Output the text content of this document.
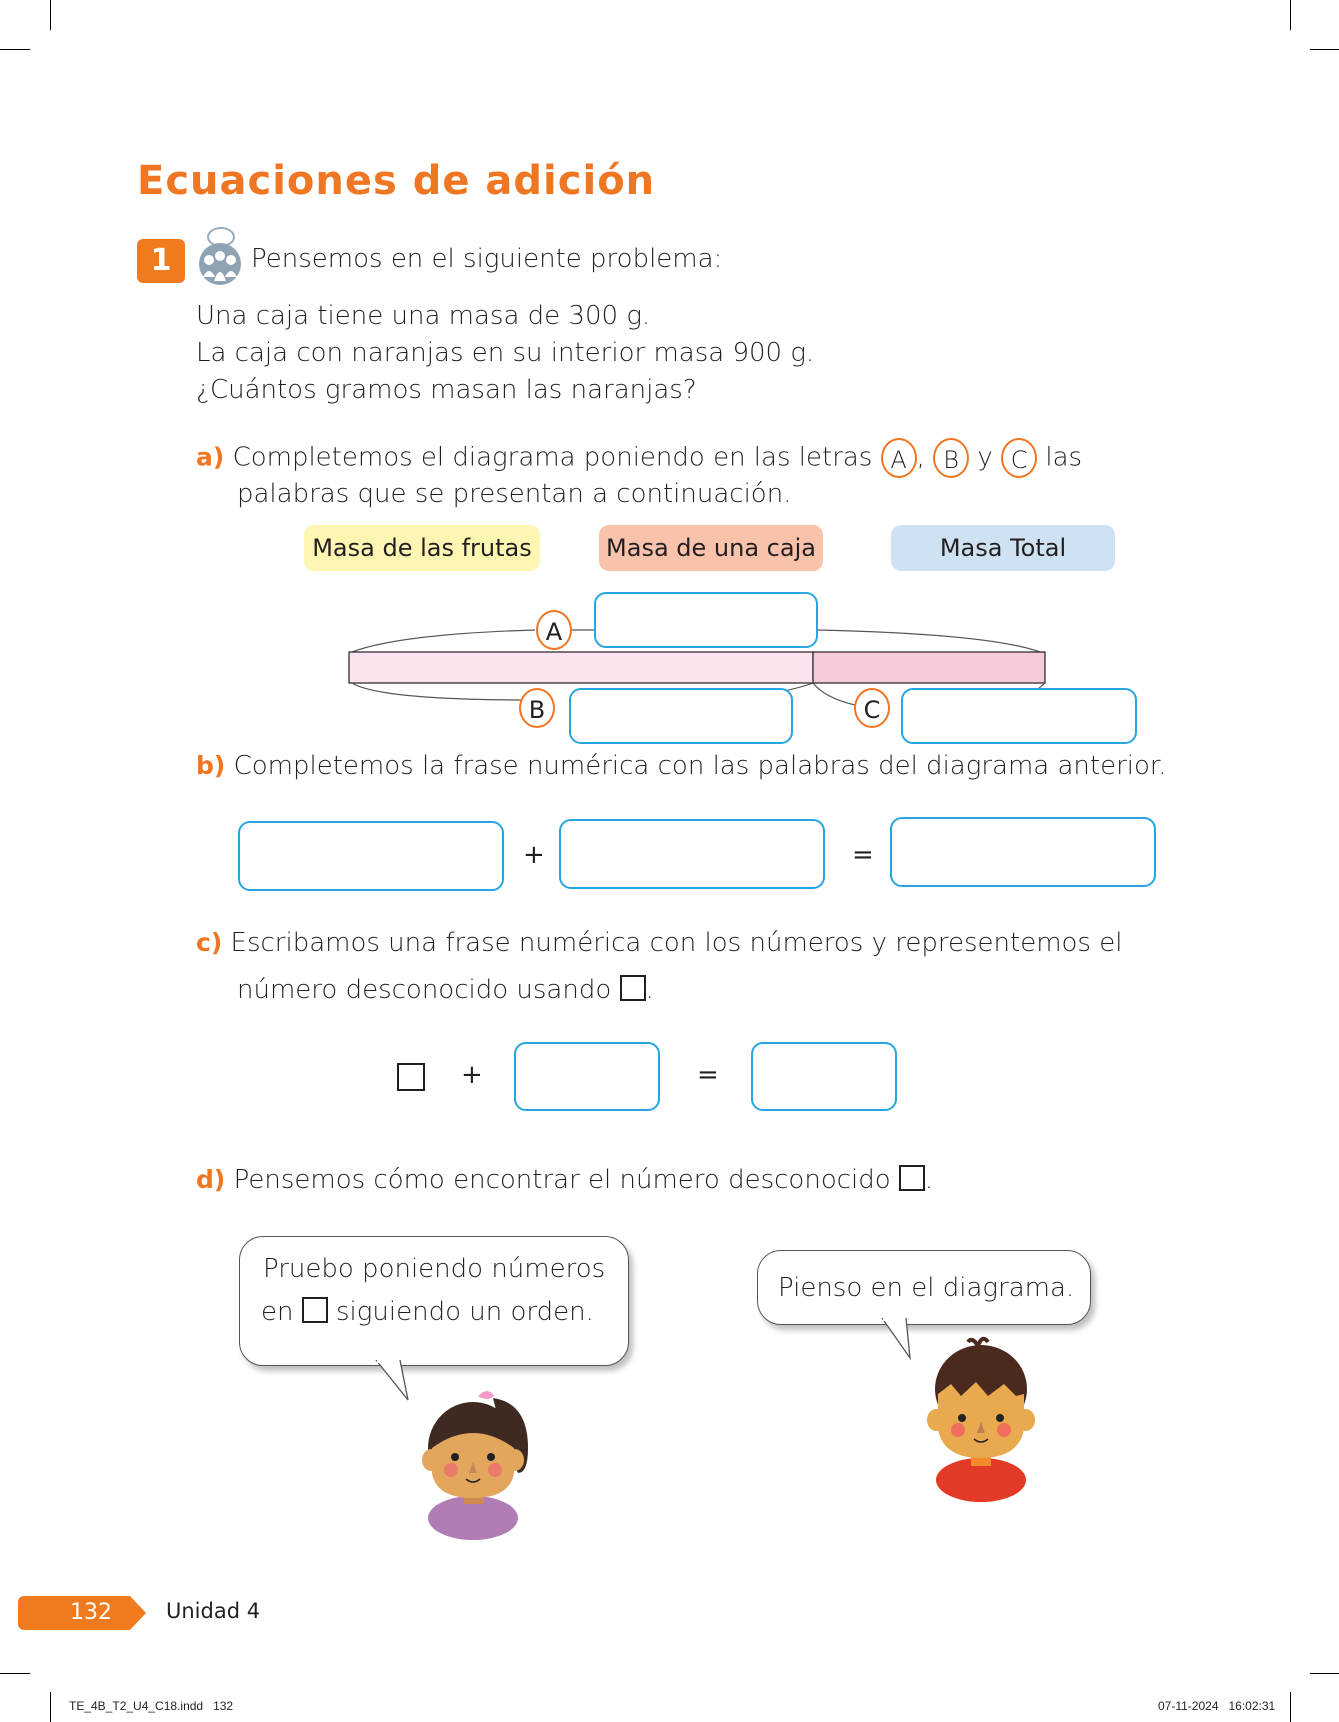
Ecuaciones de adición
1	Pensemos en el siguiente problema:
Una caja tiene una masa de 300 g.
La caja con naranjas en su interior masa 900 g.
¿Cuántos gramos masan las naranjas?
a) Completemos el diagrama poniendo en las letras A , B y C las
palabras que se presentan a continuación.
Masa de las frutas	Masa de una caja	Masa Total
A
B	C
b) Completemos la frase numérica con las palabras del diagrama anterior.
+	=
c) Escribamos una frase numérica con los números y representemos el
número desconocido usando .
+	=
d) Pensemos cómo encontrar el número desconocido .
Pruebo poniendo números
en siguiendo un orden.
Pienso en el diagrama.
132	Unidad 4
TE_4B_T2_U4_C18.indd   132	07-11-2024   16:02:31
